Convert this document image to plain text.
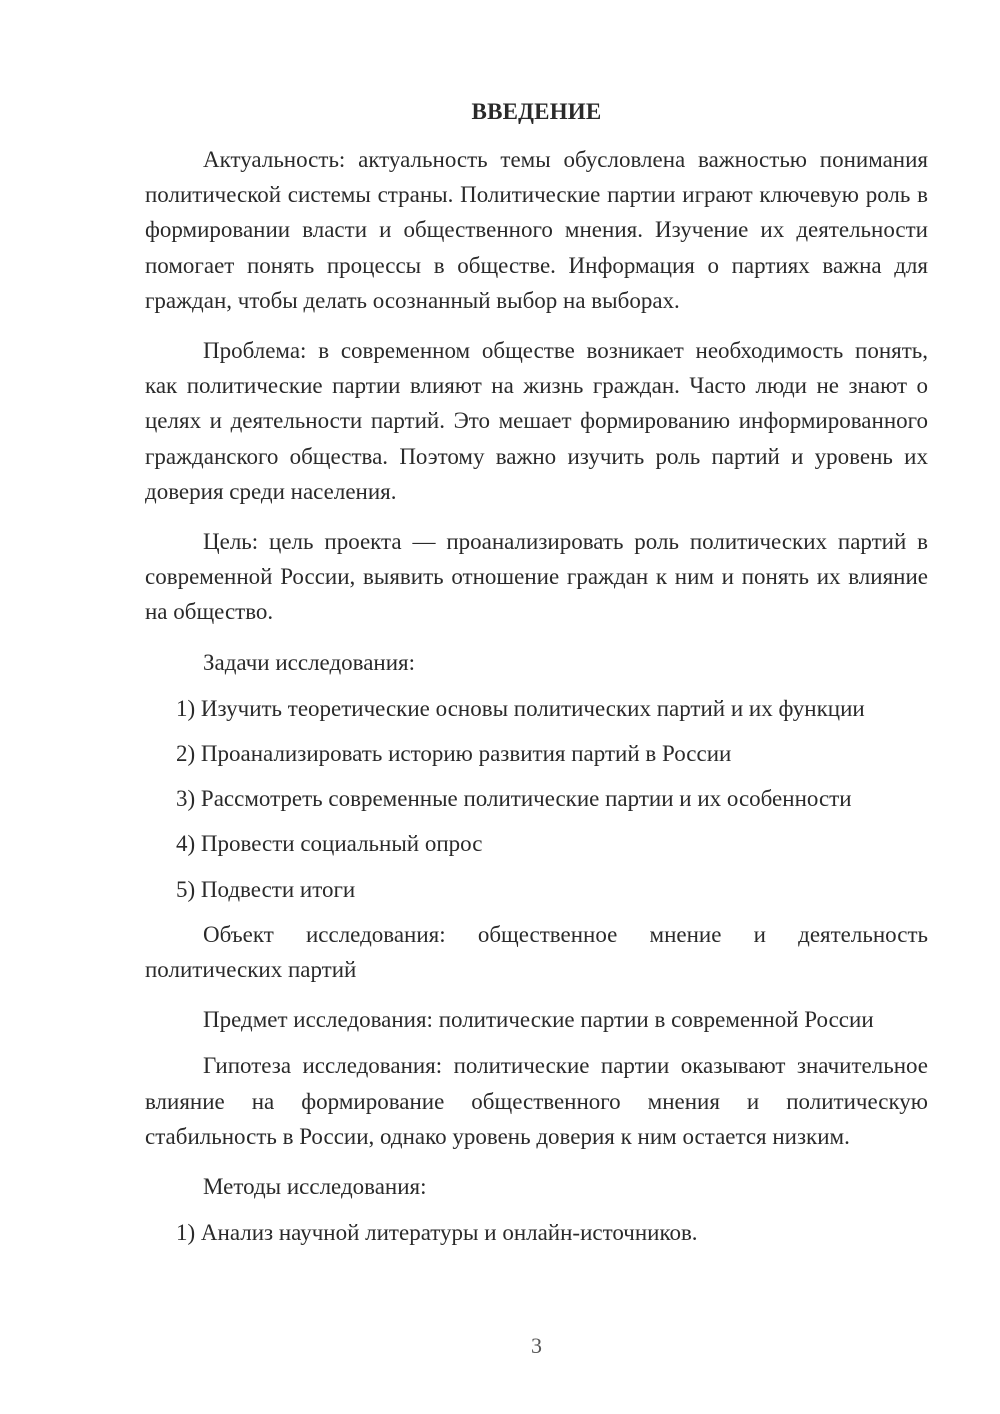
ВВЕДЕНИЕ

Актуальность: актуальность темы обусловлена важностью понимания политической системы страны. Политические партии играют ключевую роль в формировании власти и общественного мнения. Изучение их деятельности помогает понять процессы в обществе. Информация о партиях важна для граждан, чтобы делать осознанный выбор на выборах.

Проблема: в современном обществе возникает необходимость понять, как политические партии влияют на жизнь граждан. Часто люди не знают о целях и деятельности партий. Это мешает формированию информированного гражданского общества. Поэтому важно изучить роль партий и уровень их доверия среди населения.

Цель: цель проекта — проанализировать роль политических партий в современной России, выявить отношение граждан к ним и понять их влияние на общество.

Задачи исследования:

1) Изучить теоретические основы политических партий и их функции
2) Проанализировать историю развития партий в России
3) Рассмотреть современные политические партии и их особенности
4) Провести социальный опрос
5) Подвести итоги

Объект исследования: общественное мнение и деятельность политических партий

Предмет исследования: политические партии в современной России

Гипотеза исследования: политические партии оказывают значительное влияние на формирование общественного мнения и политическую стабильность в России, однако уровень доверия к ним остается низким.

Методы исследования:

1) Анализ научной литературы и онлайн-источников.
3
